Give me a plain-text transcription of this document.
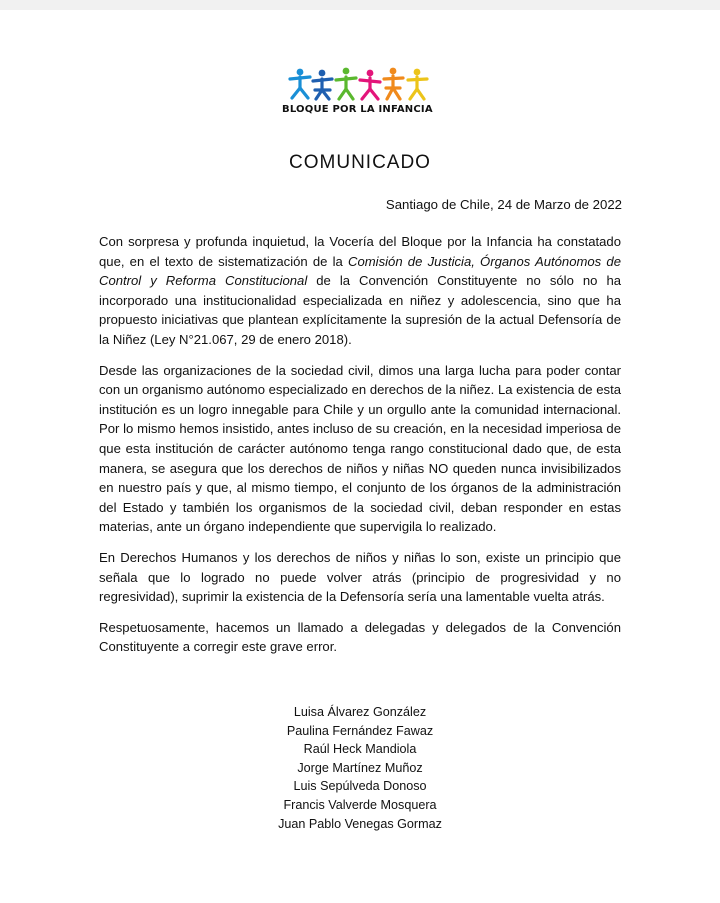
BLOQUE POR LA INFANCIA
COMUNICADO
Santiago de Chile, 24 de Marzo de 2022

Con sorpresa y profunda inquietud, la Vocería del Bloque por la Infancia ha constatado que, en el texto de sistematización de la Comisión de Justicia, Órganos Autónomos de Control y Reforma Constitucional de la Convención Constituyente no sólo no ha incorporado una institucionalidad especializada en niñez y adolescencia, sino que ha propuesto iniciativas que plantean explícitamente la supresión de la actual Defensoría de la Niñez (Ley N°21.067, 29 de enero 2018).

Desde las organizaciones de la sociedad civil, dimos una larga lucha para poder contar con un organismo autónomo especializado en derechos de la niñez. La existencia de esta institución es un logro innegable para Chile y un orgullo ante la comunidad internacional. Por lo mismo hemos insistido, antes incluso de su creación, en la necesidad imperiosa de que esta institución de carácter autónomo tenga rango constitucional dado que, de esta manera, se asegura que los derechos de niños y niñas NO queden nunca invisibilizados en nuestro país y que, al mismo tiempo, el conjunto de los órganos de la administración del Estado y también los organismos de la sociedad civil, deban responder en estas materias, ante un órgano independiente que supervigila lo realizado.

En Derechos Humanos y los derechos de niños y niñas lo son, existe un principio que señala que lo logrado no puede volver atrás (principio de progresividad y no regresividad), suprimir la existencia de la Defensoría sería una lamentable vuelta atrás.

Respetuosamente, hacemos un llamado a delegadas y delegados de la Convención Constituyente a corregir este grave error.

Luisa Álvarez González
Paulina Fernández Fawaz
Raúl Heck Mandiola
Jorge Martínez Muñoz
Luis Sepúlveda Donoso
Francis Valverde Mosquera
Juan Pablo Venegas Gormaz
